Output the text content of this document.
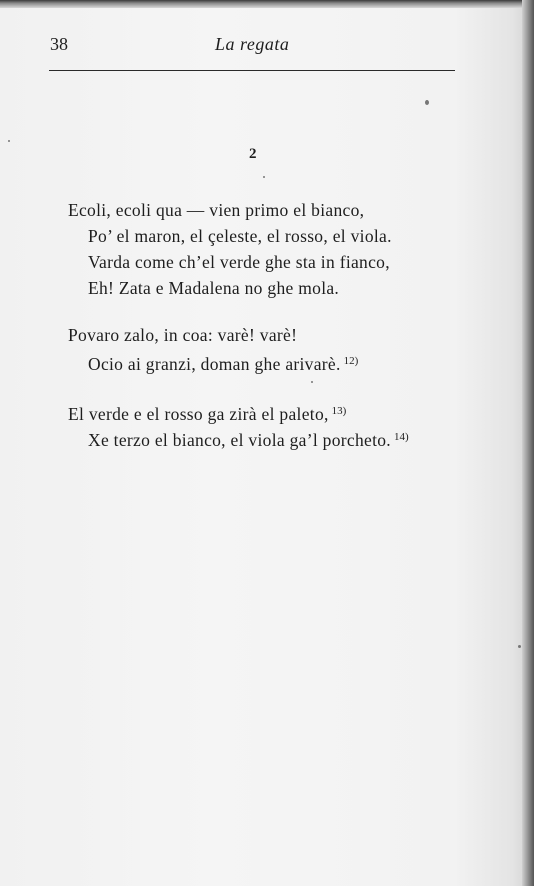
38	La regata
2
Ecoli, ecoli qua — vien primo el bianco,
Po’ el maron, el çeleste, el rosso, el viola.
Varda come ch’el verde ghe sta in fianco,
Eh! Zata e Madalena no ghe mola.
Povaro zalo, in coa: varè! varè!
Ocio ai granzi, doman ghe arivarè. $^{12)}$
El verde e el rosso ga zirà el paleto, $^{13)}$
Xe terzo el bianco, el viola ga’l porcheto. $^{14)}$
